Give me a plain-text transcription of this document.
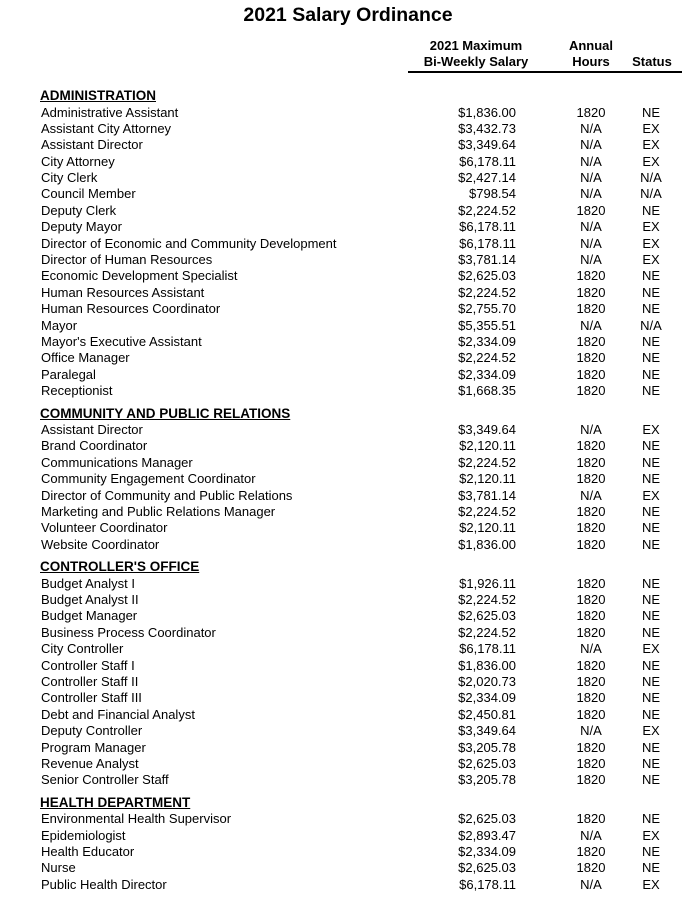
2021 Salary Ordinance
2021 Maximum
Bi-Weekly Salary
Annual
Hours	Status
ADMINISTRATION
Administrative Assistant	$1,836.00	1820	NE
Assistant City Attorney	$3,432.73	N/A	EX
Assistant Director	$3,349.64	N/A	EX
City Attorney	$6,178.11	N/A	EX
City Clerk	$2,427.14	N/A	N/A
Council Member	$798.54	N/A	N/A
Deputy Clerk	$2,224.52	1820	NE
Deputy Mayor	$6,178.11	N/A	EX
Director of Economic and Community Development	$6,178.11	N/A	EX
Director of Human Resources	$3,781.14	N/A	EX
Economic Development Specialist	$2,625.03	1820	NE
Human Resources Assistant	$2,224.52	1820	NE
Human Resources Coordinator	$2,755.70	1820	NE
Mayor	$5,355.51	N/A	N/A
Mayor's Executive Assistant	$2,334.09	1820	NE
Office Manager	$2,224.52	1820	NE
Paralegal	$2,334.09	1820	NE
Receptionist	$1,668.35	1820	NE
COMMUNITY AND PUBLIC RELATIONS
Assistant Director	$3,349.64	N/A	EX
Brand Coordinator	$2,120.11	1820	NE
Communications Manager	$2,224.52	1820	NE
Community Engagement Coordinator	$2,120.11	1820	NE
Director of Community and Public Relations	$3,781.14	N/A	EX
Marketing and Public Relations Manager	$2,224.52	1820	NE
Volunteer Coordinator	$2,120.11	1820	NE
Website Coordinator	$1,836.00	1820	NE
CONTROLLER'S OFFICE
Budget Analyst I	$1,926.11	1820	NE
Budget Analyst II	$2,224.52	1820	NE
Budget Manager	$2,625.03	1820	NE
Business Process Coordinator	$2,224.52	1820	NE
City Controller	$6,178.11	N/A	EX
Controller Staff I	$1,836.00	1820	NE
Controller Staff II	$2,020.73	1820	NE
Controller Staff III	$2,334.09	1820	NE
Debt and Financial Analyst	$2,450.81	1820	NE
Deputy Controller	$3,349.64	N/A	EX
Program Manager	$3,205.78	1820	NE
Revenue Analyst	$2,625.03	1820	NE
Senior Controller Staff	$3,205.78	1820	NE
HEALTH DEPARTMENT
Environmental Health Supervisor	$2,625.03	1820	NE
Epidemiologist	$2,893.47	N/A	EX
Health Educator	$2,334.09	1820	NE
Nurse	$2,625.03	1820	NE
Public Health Director	$6,178.11	N/A	EX
